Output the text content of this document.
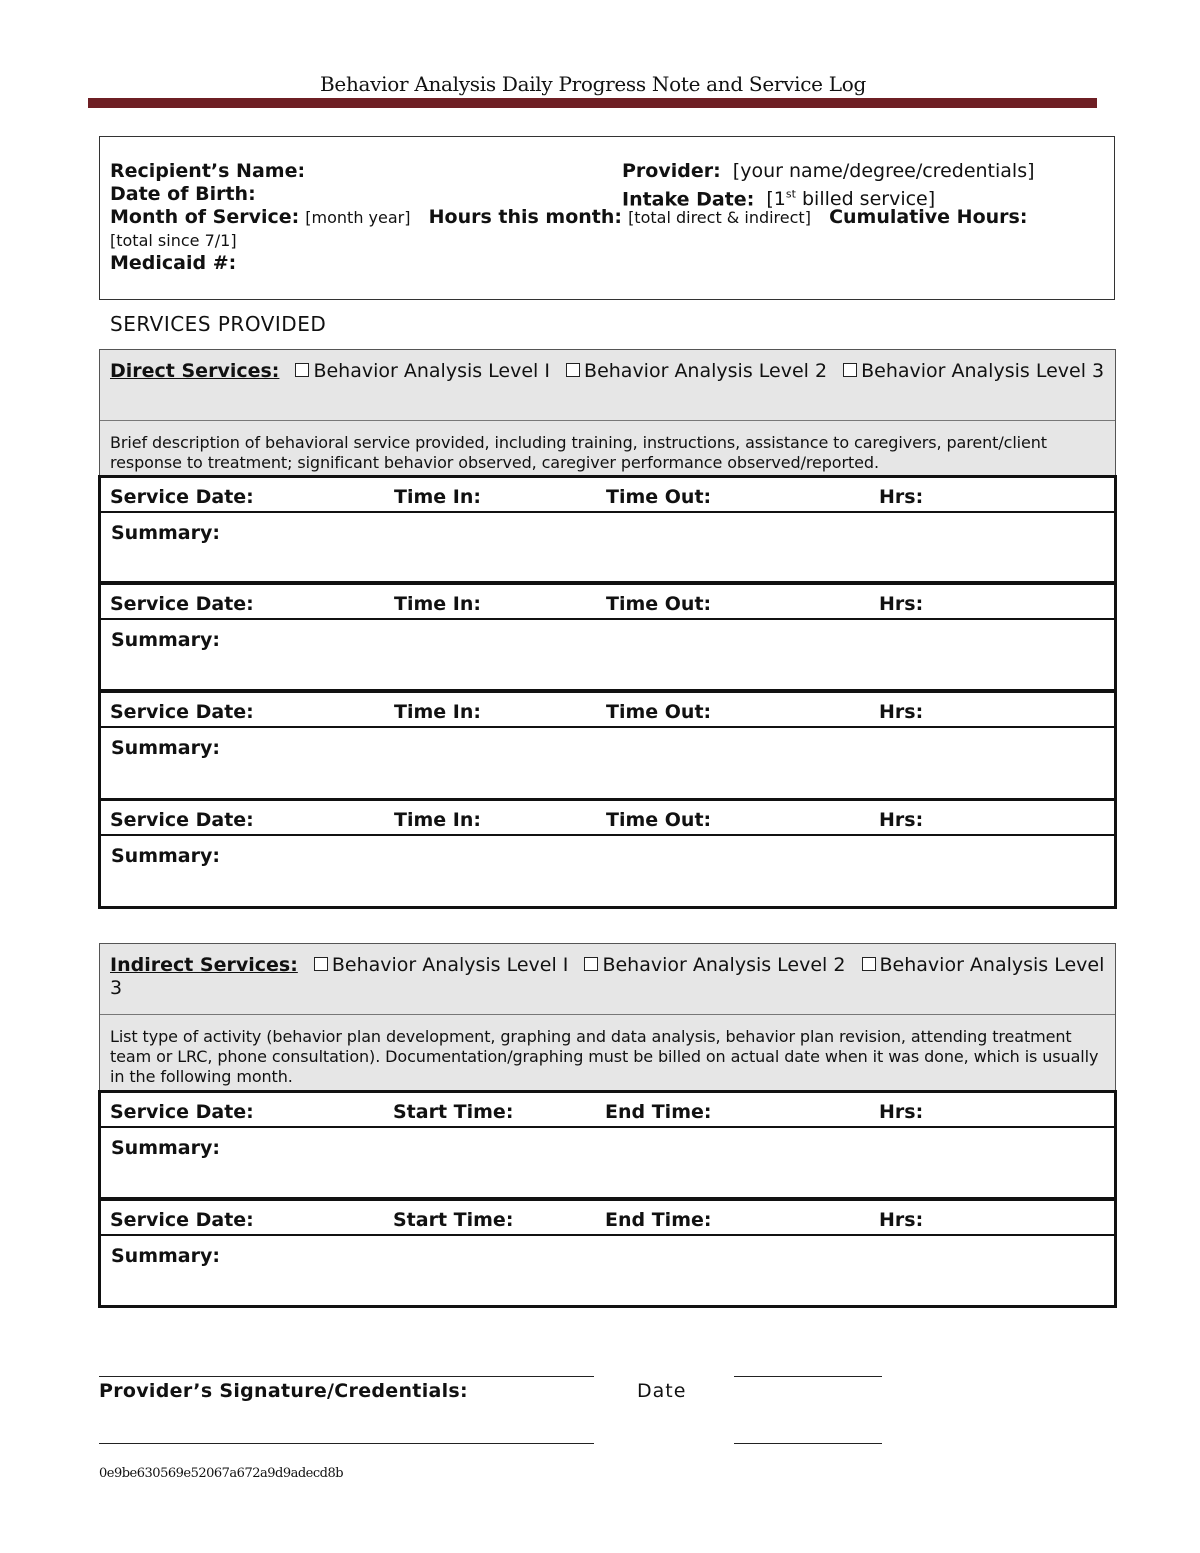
Behavior Analysis Daily Progress Note and Service Log
Recipient’s Name:
Date of Birth:
Provider: [your name/degree/credentials]
Intake Date: [1st billed service]
Month of Service: [month year] Hours this month: [total direct & indirect] Cumulative Hours:
[total since 7/1]
Medicaid #:
SERVICES PROVIDED
Direct Services: Behavior Analysis Level I Behavior Analysis Level 2 Behavior Analysis Level 3
Brief description of behavioral service provided, including training, instructions, assistance to caregivers, parent/client response to treatment; significant behavior observed, caregiver performance observed/reported.
Service Date:	Time In:	Time Out:	Hrs:
Summary:
Service Date:	Time In:	Time Out:	Hrs:
Summary:
Service Date:	Time In:	Time Out:	Hrs:
Summary:
Service Date:	Time In:	Time Out:	Hrs:
Summary:
Indirect Services: Behavior Analysis Level I Behavior Analysis Level 2 Behavior Analysis Level 3
List type of activity (behavior plan development, graphing and data analysis, behavior plan revision, attending treatment team or LRC, phone consultation). Documentation/graphing must be billed on actual date when it was done, which is usually in the following month.
Service Date:	Start Time:	End Time:	Hrs:
Summary:
Service Date:	Start Time:	End Time:	Hrs:
Summary:
Provider’s Signature/Credentials:	Date
0e9be630569e52067a672a9d9adecd8b
